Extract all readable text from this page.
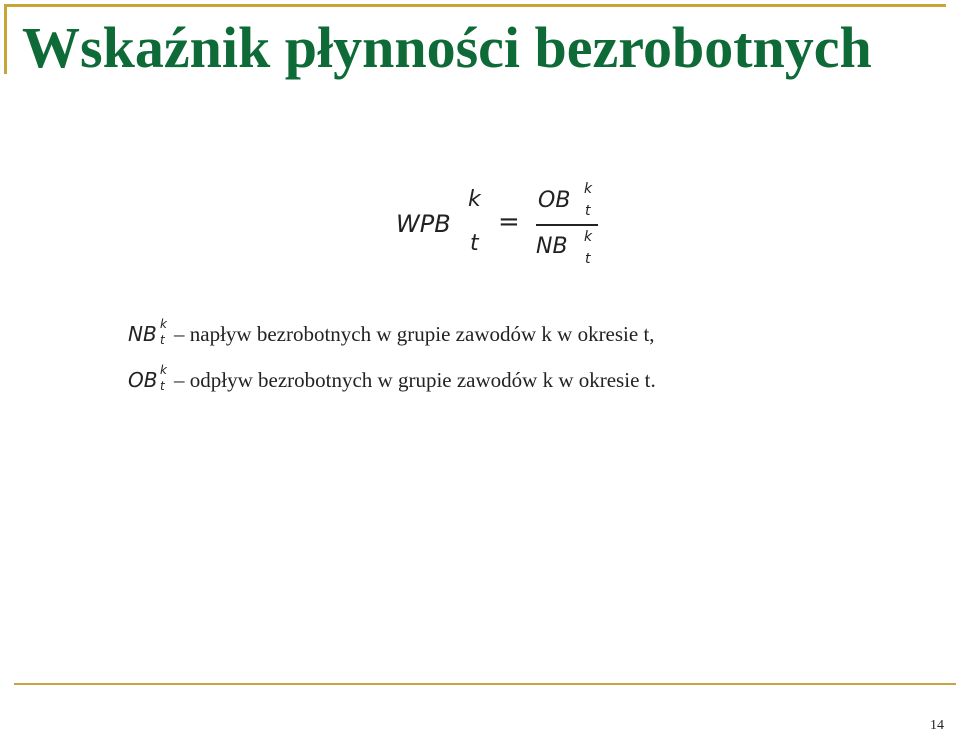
Wskaźnik płynności bezrobotnych
WPB
k
t
=
OB k
t
NB k
t
NB k
t – napływ bezrobotnych w grupie zawodów k w okresie t,
OB k
t – odpływ bezrobotnych w grupie zawodów k w okresie t.
14
